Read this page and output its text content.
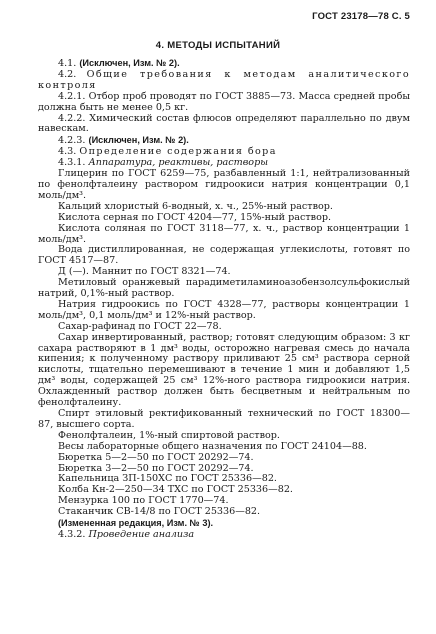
ГОСТ 23178—78 С. 5
4. МЕТОДЫ ИСПЫТАНИЙ

4.1. (Исключен, Изм. № 2).

4.2. Общие требования к методам аналитического контроля

4.2.1. Отбор проб проводят по ГОСТ 3885—73. Масса средней пробы должна быть не менее 0,5 кг.

4.2.2. Химический состав флюсов определяют параллельно по двум навескам.

4.2.3. (Исключен, Изм. № 2).

4.3. Определение содержания бора

4.3.1. Аппаратура, реактивы, растворы

Глицерин по ГОСТ 6259—75, разбавленный 1:1, нейтрализованный по фенолфталеину раствором гидроокиси натрия концентрации 0,1 моль/дм³.

Кальций хлористый 6-водный, х. ч., 25%-ный раствор.

Кислота серная по ГОСТ 4204—77, 15%-ный раствор.

Кислота соляная по ГОСТ 3118—77, х. ч., раствор концентрации 1 моль/дм³.

Вода дистиллированная, не содержащая углекислоты, готовят по ГОСТ 4517—87.

Д (—). Маннит по ГОСТ 8321—74.

Метиловый оранжевый парадиметиламиноазобензолсульфокислый натрий, 0,1%-ный раствор.

Натрия гидроокись по ГОСТ 4328—77, растворы концентрации 1 моль/дм³, 0,1 моль/дм³ и 12%-ный раствор.

Сахар-рафинад по ГОСТ 22—78.

Сахар инвертированный, раствор; готовят следующим образом: 3 кг сахара растворяют в 1 дм³ воды, осторожно нагревая смесь до начала кипения; к полученному раствору приливают 25 см³ раствора серной кислоты, тщательно перемешивают в течение 1 мин и добавляют 1,5 дм³ воды, содержащей 25 см³ 12%-ного раствора гидроокиси натрия. Охлажденный раствор должен быть бесцветным и нейтральным по фенолфталеину.

Спирт этиловый ректификованный технический по ГОСТ 18300—87, высшего сорта.

Фенолфталеин, 1%-ный спиртовой раствор.

Весы лабораторные общего назначения по ГОСТ 24104—88.

Бюретка 5—2—50 по ГОСТ 20292—74.

Бюретка 3—2—50 по ГОСТ 20292—74.

Капельница ЗП-150ХС по ГОСТ 25336—82.

Колба Кн-2—250—34 ТХС по ГОСТ 25336—82.

Мензурка 100 по ГОСТ 1770—74.

Стаканчик СВ-14/8 по ГОСТ 25336—82.

(Измененная редакция, Изм. № 3).

4.3.2. Проведение анализа
